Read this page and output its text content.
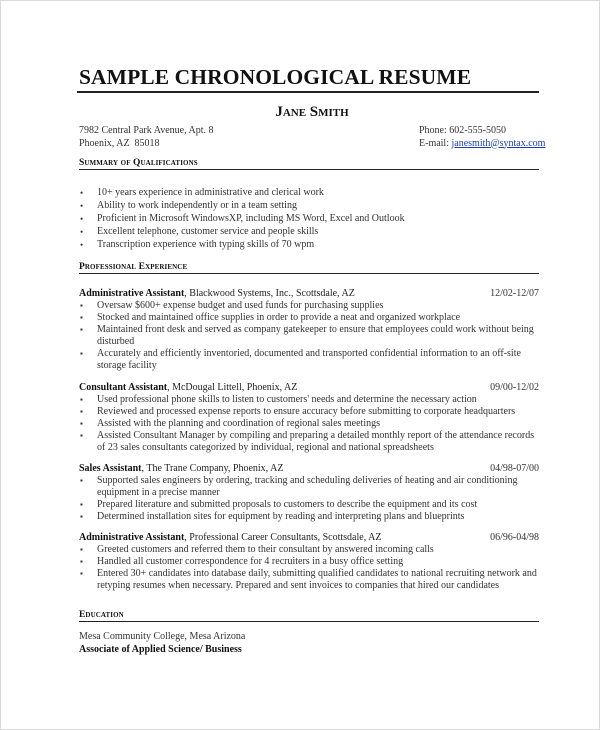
SAMPLE CHRONOLOGICAL RESUME
Jane Smith
7982 Central Park Avenue, Apt. 8
Phoenix, AZ  85018
Phone: 602-555-5050
E-mail: janesmith@syntax.com
Summary of Qualifications
• 10+ years experience in administrative and clerical work
• Ability to work independently or in a team setting
• Proficient in Microsoft WindowsXP, including MS Word, Excel and Outlook
• Excellent telephone, customer service and people skills
• Transcription experience with typing skills of 70 wpm
Professional Experience
Administrative Assistant, Blackwood Systems, Inc., Scottsdale, AZ	12/02-12/07
▪ Oversaw $600+ expense budget and used funds for purchasing supplies
▪ Stocked and maintained office supplies in order to provide a neat and organized workplace
▪ Maintained front desk and served as company gatekeeper to ensure that employees could work without being disturbed
▪ Accurately and efficiently inventoried, documented and transported confidential information to an off-site storage facility
Consultant Assistant, McDougal Littell, Phoenix, AZ	09/00-12/02
▪ Used professional phone skills to listen to customers' needs and determine the necessary action
▪ Reviewed and processed expense reports to ensure accuracy before submitting to corporate headquarters
▪ Assisted with the planning and coordination of regional sales meetings
▪ Assisted Consultant Manager by compiling and preparing a detailed monthly report of the attendance records of 23 sales consultants categorized by individual, regional and national spreadsheets
Sales Assistant, The Trane Company, Phoenix, AZ	04/98-07/00
▪ Supported sales engineers by ordering, tracking and scheduling deliveries of heating and air conditioning equipment in a precise manner
▪ Prepared literature and submitted proposals to customers to describe the equipment and its cost
▪ Determined installation sites for equipment by reading and interpreting plans and blueprints
Administrative Assistant, Professional Career Consultants, Scottsdale, AZ	06/96-04/98
▪ Greeted customers and referred them to their consultant by answered incoming calls
▪ Handled all customer correspondence for 4 recruiters in a busy office setting
▪ Entered 30+ candidates into database daily, submitting qualified candidates to national recruiting network and retyping resumes when necessary. Prepared and sent invoices to companies that hired our candidates
Education
Mesa Community College, Mesa Arizona
Associate of Applied Science/ Business
